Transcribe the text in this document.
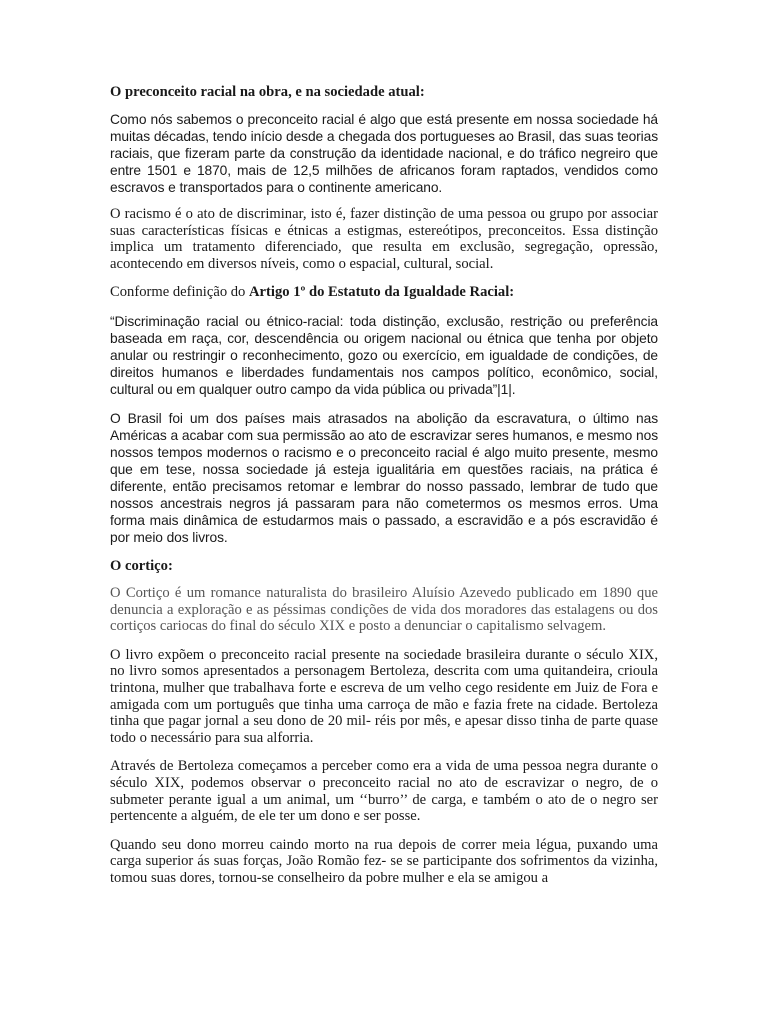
O preconceito racial na obra, e na sociedade atual:

Como nós sabemos o preconceito racial é algo que está presente em nossa sociedade há muitas décadas, tendo início desde a chegada dos portugueses ao Brasil, das suas teorias raciais, que fizeram parte da construção da identidade nacional, e do tráfico negreiro que entre 1501 e 1870, mais de 12,5 milhões de africanos foram raptados, vendidos como escravos e transportados para o continente americano.

O racismo é o ato de discriminar, isto é, fazer distinção de uma pessoa ou grupo por associar suas características físicas e étnicas a estigmas, estereótipos, preconceitos. Essa distinção implica um tratamento diferenciado, que resulta em exclusão, segregação, opressão, acontecendo em diversos níveis, como o espacial, cultural, social.

Conforme definição do Artigo 1º do Estatuto da Igualdade Racial:

“Discriminação racial ou étnico-racial: toda distinção, exclusão, restrição ou preferência baseada em raça, cor, descendência ou origem nacional ou étnica que tenha por objeto anular ou restringir o reconhecimento, gozo ou exercício, em igualdade de condições, de direitos humanos e liberdades fundamentais nos campos político, econômico, social, cultural ou em qualquer outro campo da vida pública ou privada”|1|.

O Brasil foi um dos países mais atrasados na abolição da escravatura, o último nas Américas a acabar com sua permissão ao ato de escravizar seres humanos, e mesmo nos nossos tempos modernos o racismo e o preconceito racial é algo muito presente, mesmo que em tese, nossa sociedade já esteja igualitária em questões raciais, na prática é diferente, então precisamos retomar e lembrar do nosso passado, lembrar de tudo que nossos ancestrais negros já passaram para não cometermos os mesmos erros. Uma forma mais dinâmica de estudarmos mais o passado, a escravidão e a pós escravidão é por meio dos livros.

O cortiço:

O Cortiço é um romance naturalista do brasileiro Aluísio Azevedo publicado em 1890 que denuncia a exploração e as péssimas condições de vida dos moradores das estalagens ou dos cortiços cariocas do final do século XIX e posto a denunciar o capitalismo selvagem.

O livro expõem o preconceito racial presente na sociedade brasileira durante o século XIX, no livro somos apresentados a personagem Bertoleza, descrita com uma quitandeira, crioula trintona, mulher que trabalhava forte e escreva de um velho cego residente em Juiz de Fora e amigada com um português que tinha uma carroça de mão e fazia frete na cidade. Bertoleza tinha que pagar jornal a seu dono de 20 mil- réis por mês, e apesar disso tinha de parte quase todo o necessário para sua alforria.

Através de Bertoleza começamos a perceber como era a vida de uma pessoa negra durante o século XIX, podemos observar o preconceito racial no ato de escravizar o negro, de o submeter perante igual a um animal, um ‘‘burro’’ de carga, e também o ato de o negro ser pertencente a alguém, de ele ter um dono e ser posse.

Quando seu dono morreu caindo morto na rua depois de correr meia légua, puxando uma carga superior ás suas forças, João Romão fez- se se participante dos sofrimentos da vizinha, tomou suas dores, tornou-se conselheiro da pobre mulher e ela se amigou a
